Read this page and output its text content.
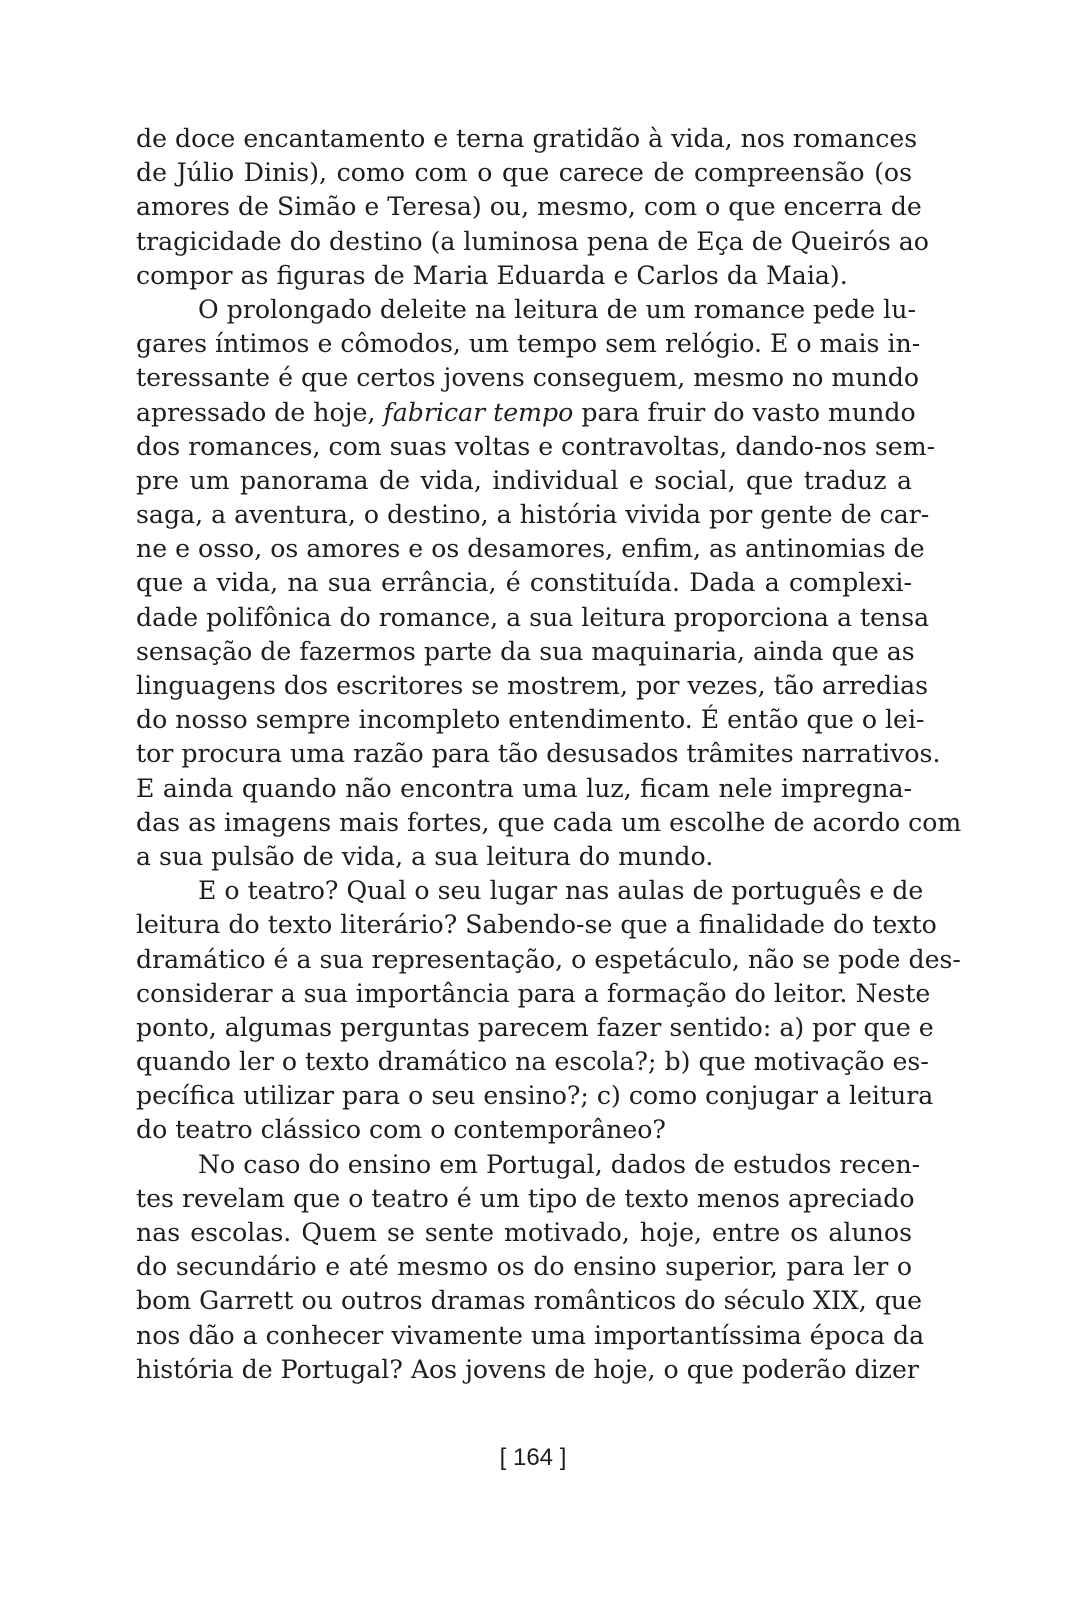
de doce encantamento e terna gratidão à vida, nos romances
de Júlio Dinis), como com o que carece de compreensão (os
amores de Simão e Teresa) ou, mesmo, com o que encerra de
tragicidade do destino (a luminosa pena de Eça de Queirós ao
compor as figuras de Maria Eduarda e Carlos da Maia).
O prolongado deleite na leitura de um romance pede lu-
gares íntimos e cômodos, um tempo sem relógio. E o mais in-
teressante é que certos jovens conseguem, mesmo no mundo
apressado de hoje, fabricar tempo para fruir do vasto mundo
dos romances, com suas voltas e contravoltas, dando-nos sem-
pre um panorama de vida, individual e social, que traduz a
saga, a aventura, o destino, a história vivida por gente de car-
ne e osso, os amores e os desamores, enfim, as antinomias de
que a vida, na sua errância, é constituída. Dada a complexi-
dade polifônica do romance, a sua leitura proporciona a tensa
sensação de fazermos parte da sua maquinaria, ainda que as
linguagens dos escritores se mostrem, por vezes, tão arredias
do nosso sempre incompleto entendimento. É então que o lei-
tor procura uma razão para tão desusados trâmites narrativos.
E ainda quando não encontra uma luz, ficam nele impregna-
das as imagens mais fortes, que cada um escolhe de acordo com
a sua pulsão de vida, a sua leitura do mundo.
E o teatro? Qual o seu lugar nas aulas de português e de
leitura do texto literário? Sabendo-se que a finalidade do texto
dramático é a sua representação, o espetáculo, não se pode des-
considerar a sua importância para a formação do leitor. Neste
ponto, algumas perguntas parecem fazer sentido: a) por que e
quando ler o texto dramático na escola?; b) que motivação es-
pecífica utilizar para o seu ensino?; c) como conjugar a leitura
do teatro clássico com o contemporâneo?
No caso do ensino em Portugal, dados de estudos recen-
tes revelam que o teatro é um tipo de texto menos apreciado
nas escolas. Quem se sente motivado, hoje, entre os alunos
do secundário e até mesmo os do ensino superior, para ler o
bom Garrett ou outros dramas românticos do século XIX, que
nos dão a conhecer vivamente uma importantíssima época da
história de Portugal? Aos jovens de hoje, o que poderão dizer
[ 164 ]
